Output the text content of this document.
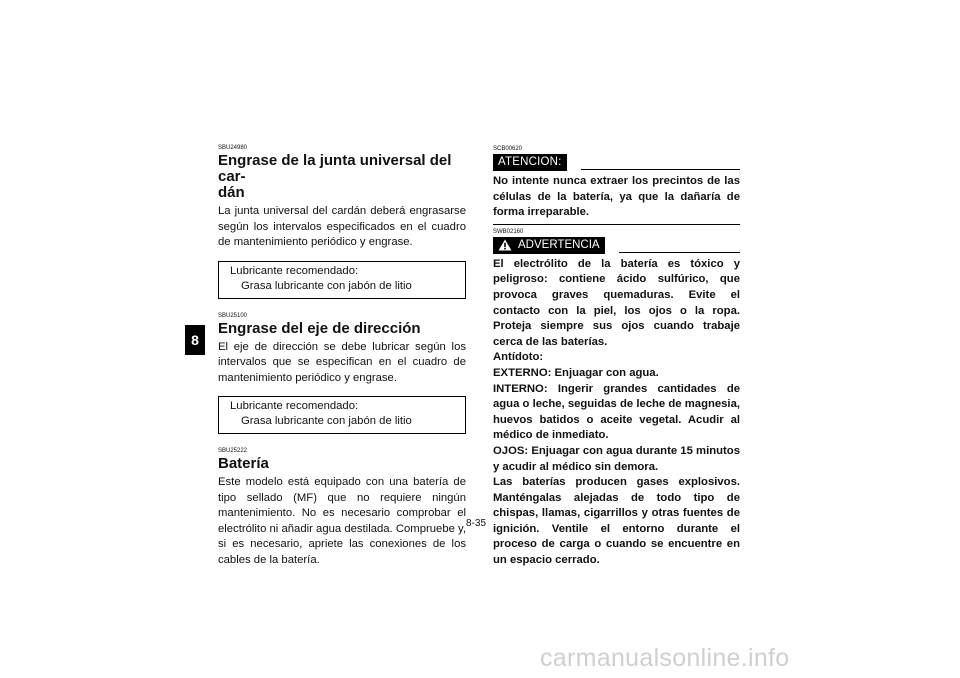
8
SBU24980
Engrase de la junta universal del car-
dán

La junta universal del cardán deberá engrasarse según los intervalos especificados en el cuadro de mantenimiento periódico y engrase.

Lubricante recomendado:
Grasa lubricante con jabón de litio
SBU25100
Engrase del eje de dirección

El eje de dirección se debe lubricar según los intervalos que se especifican en el cuadro de mantenimiento periódico y engrase.

Lubricante recomendado:
Grasa lubricante con jabón de litio
SBU25222
Batería

Este modelo está equipado con una batería de tipo sellado (MF) que no requiere ningún mantenimiento. No es necesario comprobar el electrólito ni añadir agua destilada. Compruebe y, si es necesario, apriete las conexiones de los cables de la batería.

SCB00620
ATENCION:

No intente nunca extraer los precintos de las células de la batería, ya que la dañaría de forma irreparable.

SWB02160
ADVERTENCIA

El electrólito de la batería es tóxico y peligroso: contiene ácido sulfúrico, que provoca graves quemaduras. Evite el contacto con la piel, los ojos o la ropa. Proteja siempre sus ojos cuando trabaje cerca de las baterías.

Antídoto:

EXTERNO: Enjuagar con agua.

INTERNO: Ingerir grandes cantidades de agua o leche, seguidas de leche de magnesia, huevos batidos o aceite vegetal. Acudir al médico de inmediato.

OJOS: Enjuagar con agua durante 15 minutos y acudir al médico sin demora.

Las baterías producen gases explosivos. Manténgalas alejadas de todo tipo de chispas, llamas, cigarrillos y otras fuentes de ignición. Ventile el entorno durante el proceso de carga o cuando se encuentre en un espacio cerrado.

8-35
carmanualsonline.info
